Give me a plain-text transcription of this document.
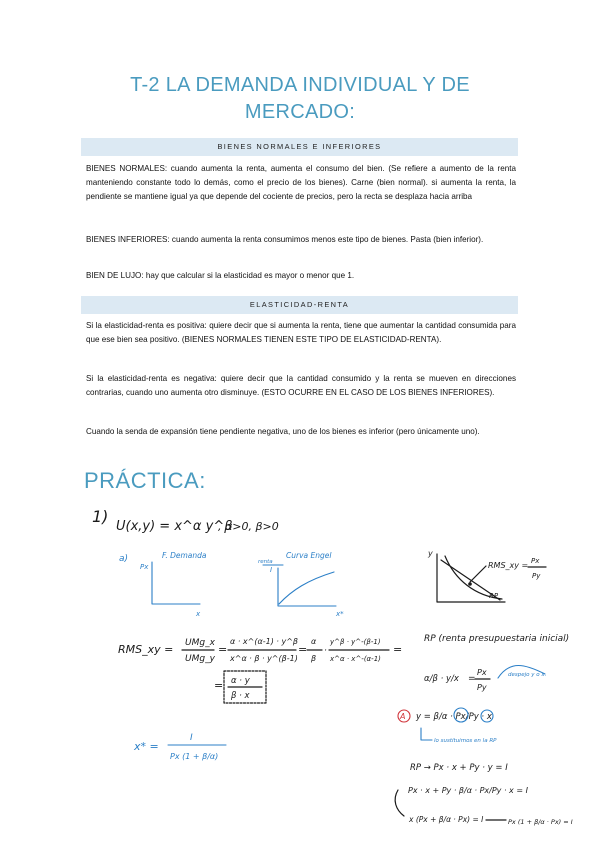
T-2 LA DEMANDA INDIVIDUAL Y DE
MERCADO:
BIENES NORMALES E INFERIORES

BIENES NORMALES: cuando aumenta la renta, aumenta el consumo del bien. (Se refiere a aumento de la renta manteniendo constante todo lo demás, como el precio de los bienes). Carne (bien normal). si aumenta la renta, la pendiente se mantiene igual ya que depende del cociente de precios, pero la recta se desplaza hacia arriba

BIENES INFERIORES: cuando aumenta la renta consumimos menos este tipo de bienes. Pasta (bien inferior).

BIEN DE LUJO: hay que calcular si la elasticidad es mayor o menor que 1.

ELASTICIDAD-RENTA

Si la elasticidad-renta es positiva: quiere decir que si aumenta la renta, tiene que aumentar la cantidad consumida para que ese bien sea positivo. (BIENES NORMALES TIENEN ESTE TIPO DE ELASTICIDAD-RENTA).

Si la elasticidad-renta es negativa: quiere decir que la cantidad consumido y la renta se mueven en direcciones contrarias, cuando uno aumenta otro disminuye. (ESTO OCURRE EN EL CASO DE LOS BIENES INFERIORES).

Cuando la senda de expansión tiene pendiente negativa, uno de los bienes es inferior (pero únicamente uno).

PRÁCTICA:
1)
U(x,y) = x^α y^β
, α>0, β>0
a)
Px
x
F. Demanda
I
x*
renta
Curva Engel	y
RMS_xy = Px
Py
RP
RMS_xy = UMg_x
UMg_y
=
α · x^(α-1) · y^β
x^α · β · y^(β-1)
=
α
β
·
y^β · y^-(β-1)
x^α · x^-(α-1)
=
= α · y
β · x
x* =
I
Px (1 + β/α)
RP (renta presupuestaria inicial)
α/β · y/x =
Px
Py
despejo y o x.
A y = β/α · Px/Py · x
lo sustituimos en la RP
RP → Px · x + Py · y = I
Px · x + Py · β/α · Px/Py · x = I
x (Px + β/α · Px) = I	Px (1 + β/α · Px) = I
